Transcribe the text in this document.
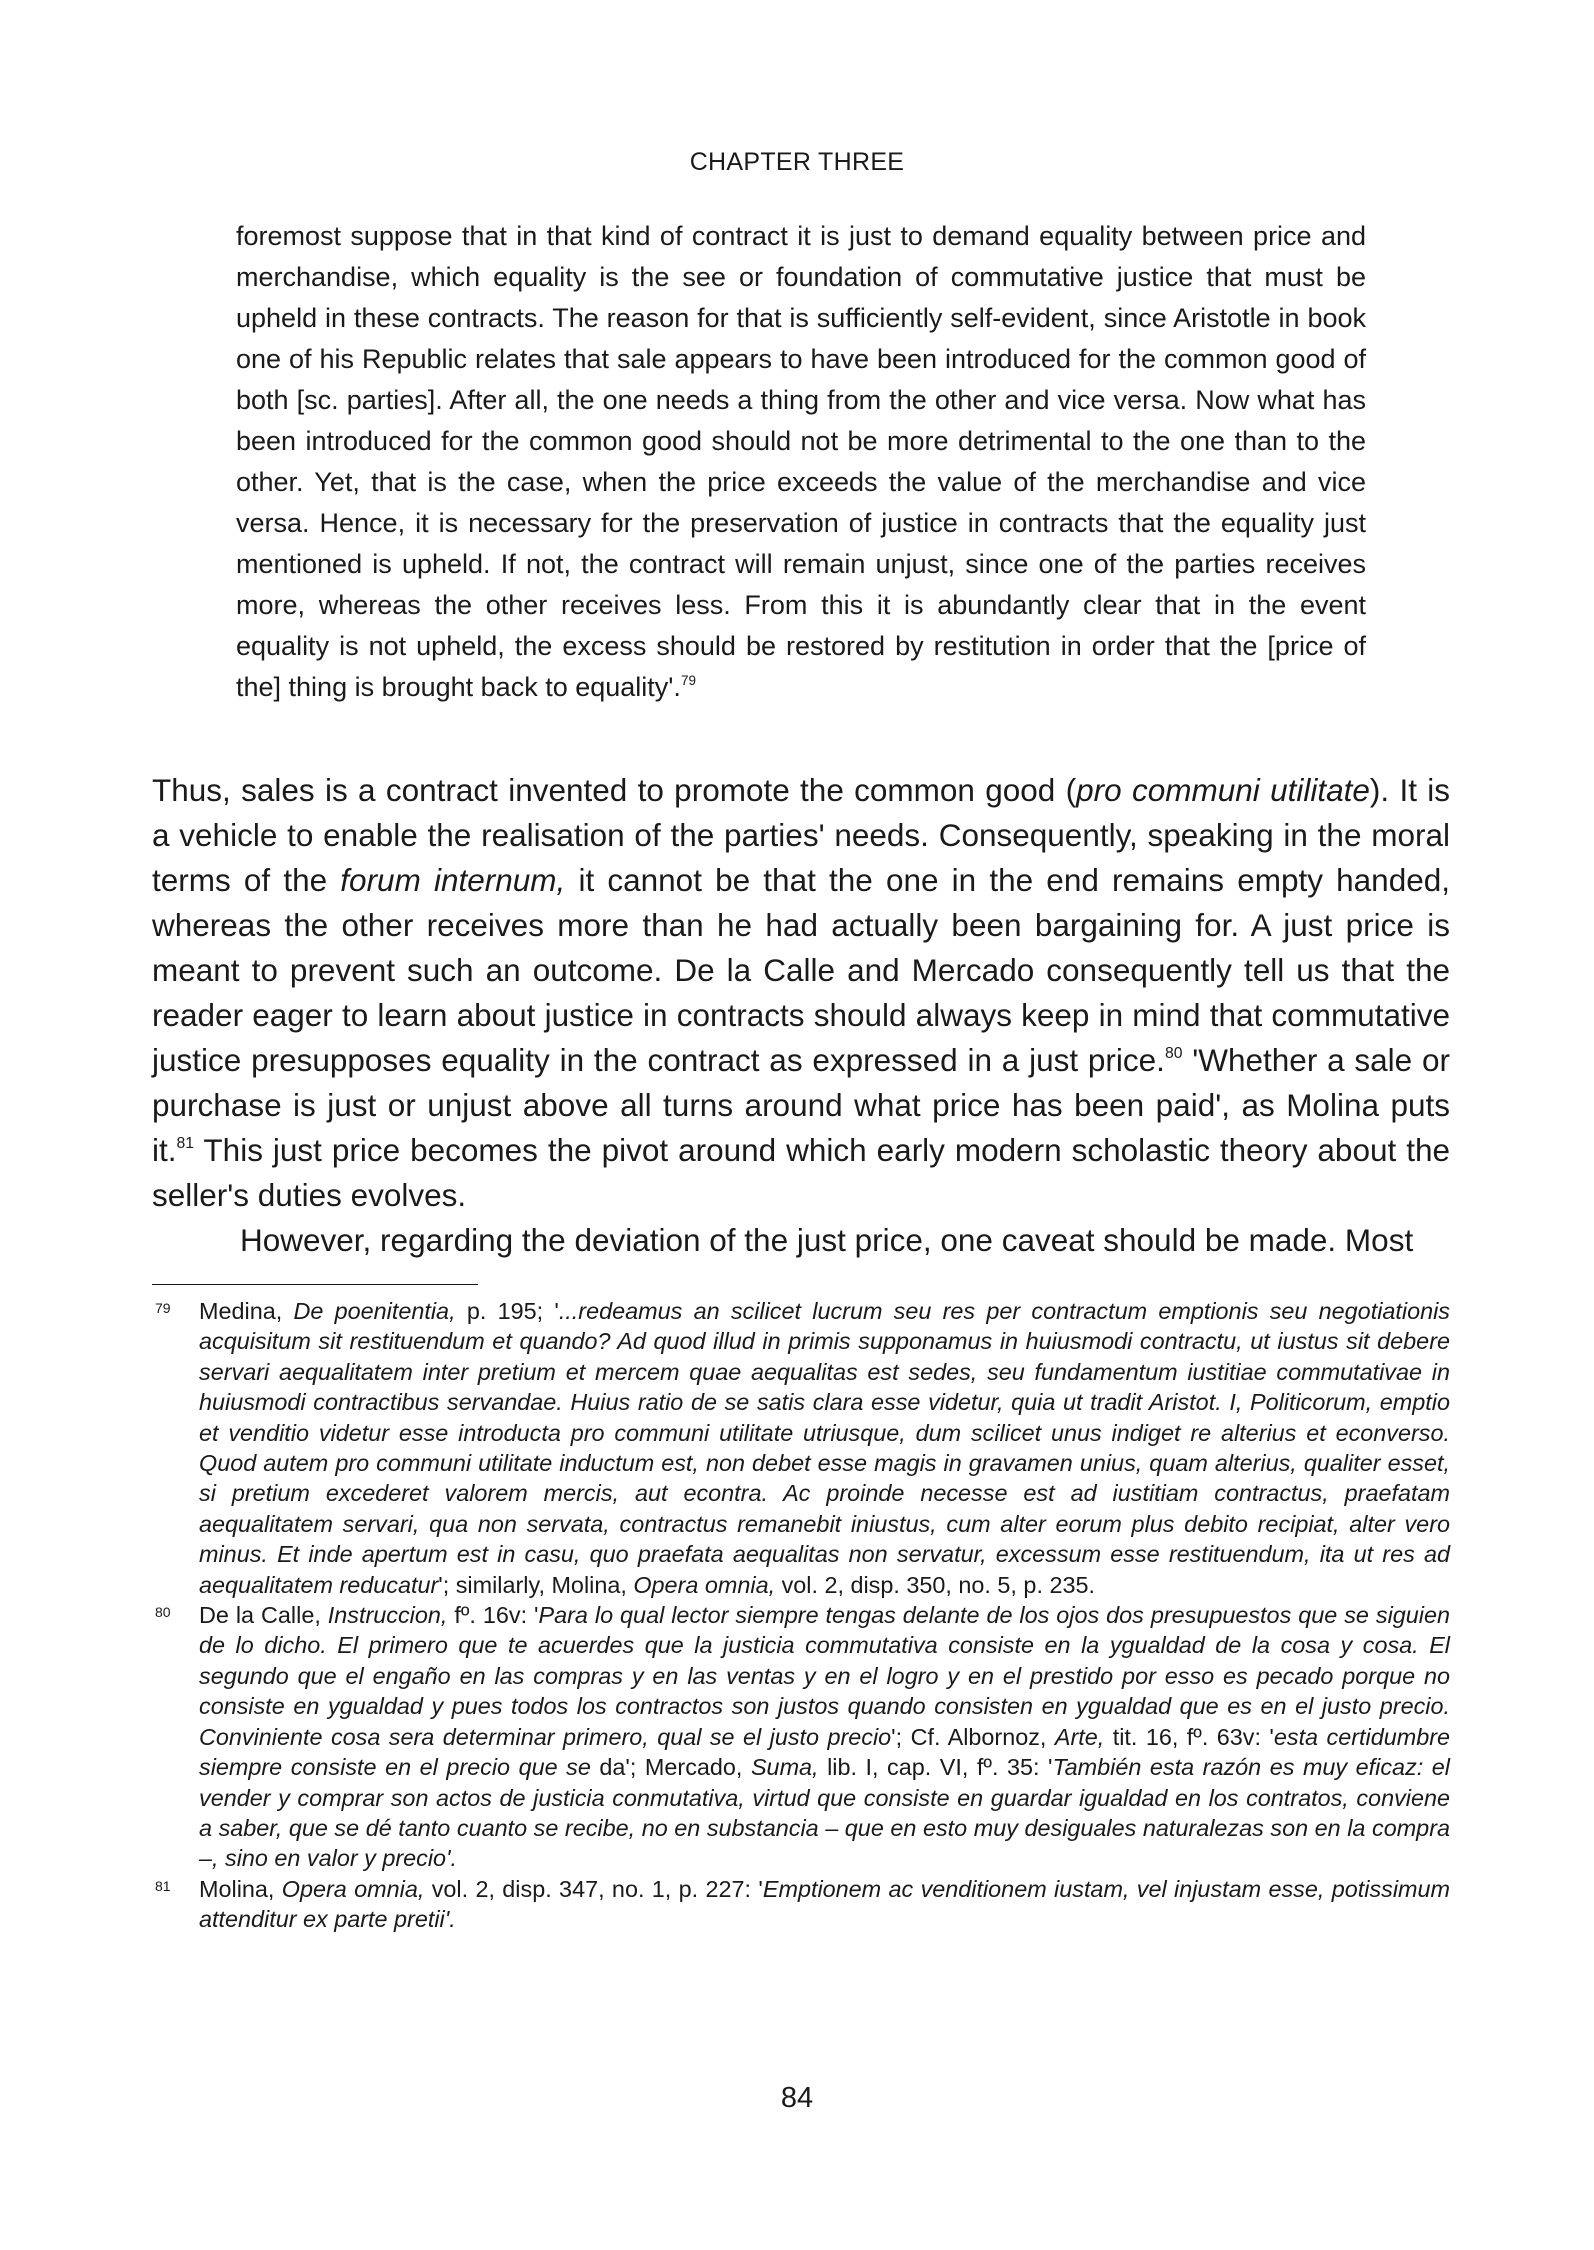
CHAPTER THREE
foremost suppose that in that kind of contract it is just to demand equality between price and merchandise, which equality is the see or foundation of commutative justice that must be upheld in these contracts. The reason for that is sufficiently self-evident, since Aristotle in book one of his Republic relates that sale appears to have been introduced for the common good of both [sc. parties]. After all, the one needs a thing from the other and vice versa. Now what has been introduced for the common good should not be more detrimental to the one than to the other. Yet, that is the case, when the price exceeds the value of the merchandise and vice versa. Hence, it is necessary for the preservation of justice in contracts that the equality just mentioned is upheld. If not, the contract will remain unjust, since one of the parties receives more, whereas the other receives less. From this it is abundantly clear that in the event equality is not upheld, the excess should be restored by restitution in order that the [price of the] thing is brought back to equality'.$^{79}$

Thus, sales is a contract invented to promote the common good (pro communi utilitate). It is a vehicle to enable the realisation of the parties' needs. Consequently, speaking in the moral terms of the forum internum, it cannot be that the one in the end remains empty handed, whereas the other receives more than he had actually been bargaining for. A just price is meant to prevent such an outcome. De la Calle and Mercado consequently tell us that the reader eager to learn about justice in contracts should always keep in mind that commutative justice presupposes equality in the contract as expressed in a just price.$^{80}$ 'Whether a sale or purchase is just or unjust above all turns around what price has been paid', as Molina puts it.$^{81}$ This just price becomes the pivot around which early modern scholastic theory about the seller's duties evolves.

However, regarding the deviation of the just price, one caveat should be made. Most

79 Medina, De poenitentia, p. 195; '...redeamus an scilicet lucrum seu res per contractum emptionis seu negotiationis acquisitum sit restituendum et quando? Ad quod illud in primis supponamus in huiusmodi contractu, ut iustus sit debere servari aequalitatem inter pretium et mercem quae aequalitas est sedes, seu fundamentum iustitiae commutativae in huiusmodi contractibus servandae. Huius ratio de se satis clara esse videtur, quia ut tradit Aristot. I, Politicorum, emptio et venditio videtur esse introducta pro communi utilitate utriusque, dum scilicet unus indiget re alterius et econverso. Quod autem pro communi utilitate inductum est, non debet esse magis in gravamen unius, quam alterius, qualiter esset, si pretium excederet valorem mercis, aut econtra. Ac proinde necesse est ad iustitiam contractus, praefatam aequalitatem servari, qua non servata, contractus remanebit iniustus, cum alter eorum plus debito recipiat, alter vero minus. Et inde apertum est in casu, quo praefata aequalitas non servatur, excessum esse restituendum, ita ut res ad aequalitatem reducatur'; similarly, Molina, Opera omnia, vol. 2, disp. 350, no. 5, p. 235.
80 De la Calle, Instruccion, fº. 16v: 'Para lo qual lector siempre tengas delante de los ojos dos presupuestos que se siguien de lo dicho. El primero que te acuerdes que la justicia commutativa consiste en la ygualdad de la cosa y cosa. El segundo que el engaño en las compras y en las ventas y en el logro y en el prestido por esso es pecado porque no consiste en ygualdad y pues todos los contractos son justos quando consisten en ygualdad que es en el justo precio. Conviniente cosa sera determinar primero, qual se el justo precio'; Cf. Albornoz, Arte, tit. 16, fº. 63v: 'esta certidumbre siempre consiste en el precio que se da'; Mercado, Suma, lib. I, cap. VI, fº. 35: 'También esta razón es muy eficaz: el vender y comprar son actos de justicia conmutativa, virtud que consiste en guardar igualdad en los contratos, conviene a saber, que se dé tanto cuanto se recibe, no en substancia – que en esto muy desiguales naturalezas son en la compra –, sino en valor y precio'.
81 Molina, Opera omnia, vol. 2, disp. 347, no. 1, p. 227: 'Emptionem ac venditionem iustam, vel injustam esse, potissimum attenditur ex parte pretii'.
84
